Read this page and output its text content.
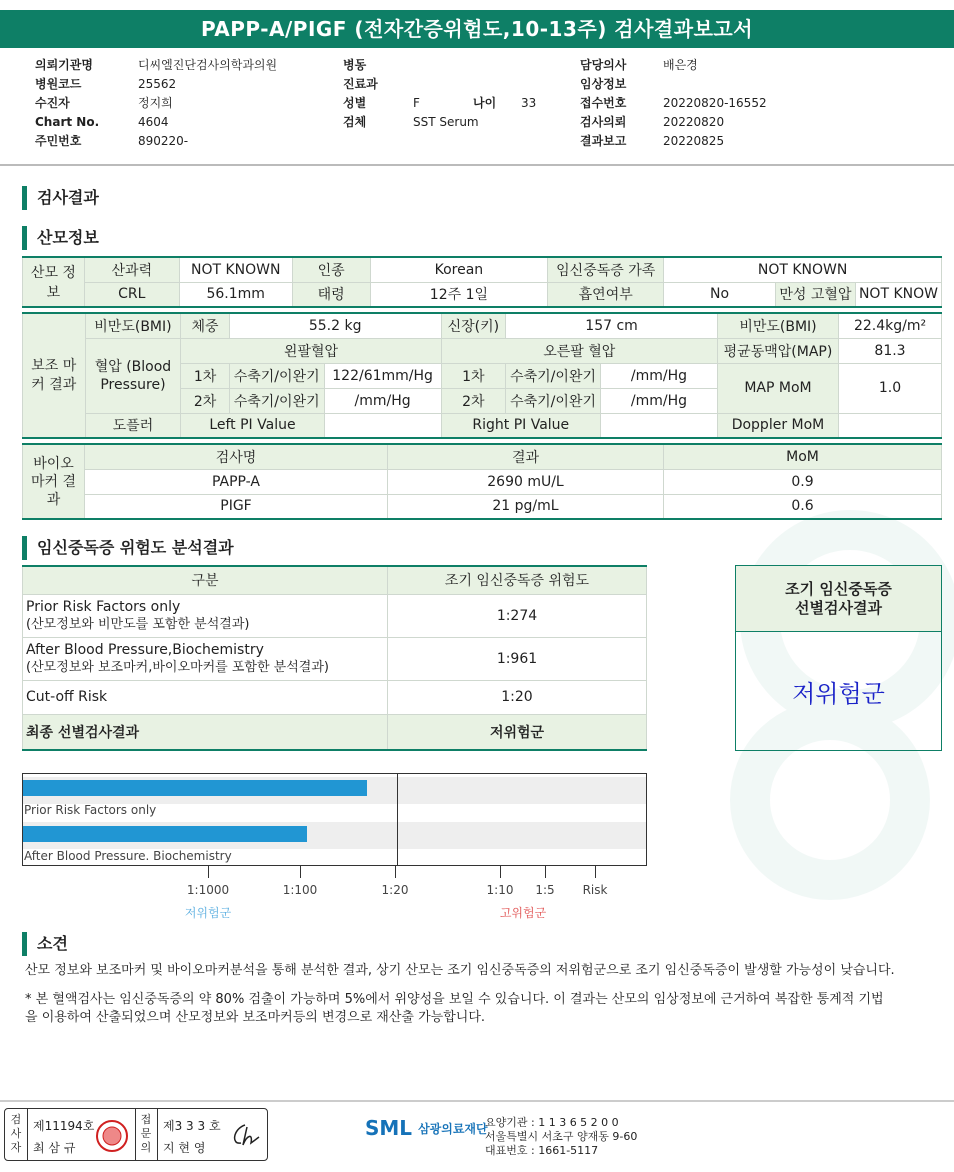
PAPP-A/PIGF (전자간증위험도,10-13주) 검사결과보고서
의뢰기관명	디씨엘진단검사의학과의원
병원코드	25562
수진자	정지희
Chart No.	4604
주민번호	890220-
병동
진료과
성별	F	나이 33
검체	SST Serum
담당의사	배은경
임상정보
접수번호	20220820-16552
검사의뢰	20220820
결과보고	20220825
검사결과
산모정보
산모 정보	산과력	NOT KNOWN	인종	Korean	임신중독증 가족	NOT KNOWN		
	CRL	56.1mm	태령	12주 1일	흡연여부	No	만성 고혈압	NOT KNOW
보조 마커 결과	비만도(BMI)	체중	55.2 kg		신장(키)	157 cm		비만도(BMI)	22.4kg/m²
	혈압 (Blood Pressure)	왼팔혈압			오른팔 혈압			평균동맥압(MAP)	81.3
		1차	수축기/이완기	122/61mm/Hg	1차	수축기/이완기	/mm/Hg	MAP MoM	1.0
		2차	수축기/이완기	/mm/Hg	2차	수축기/이완기	/mm/Hg		
	도플러	Left PI Value			Right PI Value			Doppler MoM	
바이오 마커 결과	검사명	결과	MoM
	PAPP-A	2690 mU/L	0.9
	PIGF	21 pg/mL	0.6
임신중독증 위험도 분석결과
구분	조기 임신중독증 위험도

Prior Risk Factors only
(산모정보와 비만도를 포함한 분석결과)	1:274

After Blood Pressure,Biochemistry
(산모정보와 보조마커,바이오마커를 포함한 분석결과)	1:961
Cut-off Risk	1:20
최종 선별검사결과	저위험군
조기 임신중독증
선별검사결과
저위험군
Prior Risk Factors only
After Blood Pressure. Biochemistry
1:1000	1:100	1:20	1:10 1:5 Risk
저위험군	고위험군
소견
산모 정보와 보조마커 및 바이오마커분석을 통해 분석한 결과, 상기 산모는 조기 임신중독증의 저위험군으로 조기 임신중독증이 발생할 가능성이 낮습니다.
* 본 혈액검사는 임신중독증의 약 80% 검출이 가능하며 5%에서 위양성을 보일 수 있습니다. 이 결과는 산모의 임상정보에 근거하여 복잡한 통계적 기법
을 이용하여 산출되었으며 산모정보와 보조마커등의 변경으로 재산출 가능합니다.
검사자
제11194호
최 삼 규
접문의
제3 3 3 호
지 현 영
SML 삼광의료재단
요양기관 : 1 1 3 6 5 2 0 0
서울특별시 서초구 양재동 9-60
대표번호 : 1661-5117
